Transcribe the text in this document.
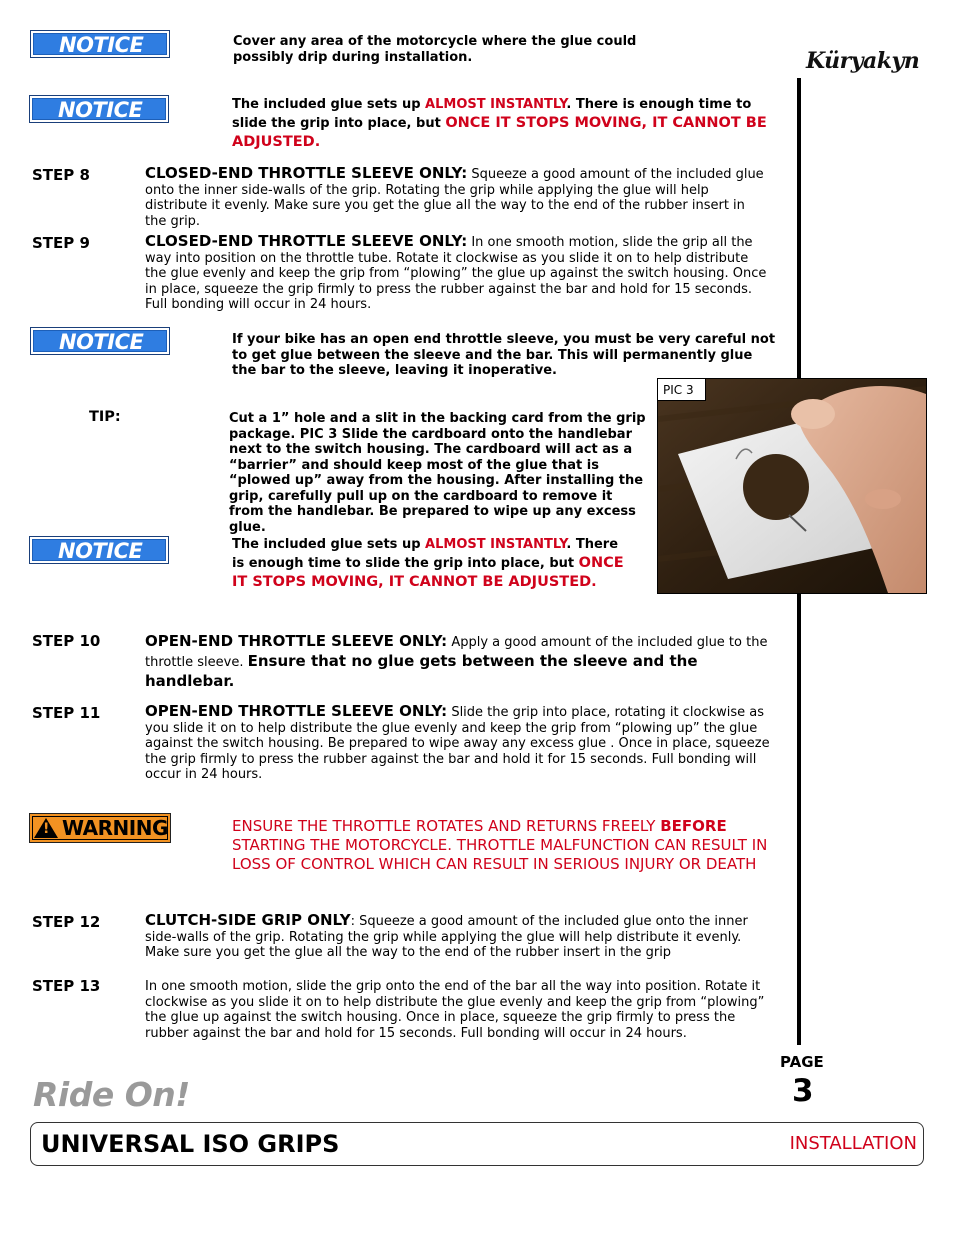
NOTICE	Cover any area of the motorcycle where the glue could possibly drip during installation.	Küryakyn
NOTICE	The included glue sets up ALMOST INSTANTLY. There is enough time to slide the grip into place, but ONCE IT STOPS MOVING, IT CANNOT BE ADJUSTED.
STEP 8	CLOSED-END THROTTLE SLEEVE ONLY: Squeeze a good amount of the included glue onto the inner side-walls of the grip. Rotating the grip while applying the glue will help distribute it evenly. Make sure you get the glue all the way to the end of the rubber insert in the grip.
STEP 9	CLOSED-END THROTTLE SLEEVE ONLY: In one smooth motion, slide the grip all the way into position on the throttle tube. Rotate it clockwise as you slide it on to help distribute the glue evenly and keep the grip from “plowing” the glue up against the switch housing. Once in place, squeeze the grip firmly to press the rubber against the bar and hold for 15 seconds. Full bonding will occur in 24 hours.
NOTICE	If your bike has an open end throttle sleeve, you must be very careful not to get glue between the sleeve and the bar. This will permanently glue the bar to the sleeve, leaving it inoperative.
TIP:	Cut a 1” hole and a slit in the backing card from the grip package. PIC 3 Slide the cardboard onto the handlebar next to the switch housing. The cardboard will act as a “barrier” and should keep most of the glue that is “plowed up” away from the housing. After installing the grip, carefully pull up on the cardboard to remove it from the handlebar. Be prepared to wipe up any excess glue.
PIC 3
NOTICE	The included glue sets up ALMOST INSTANTLY. There is enough time to slide the grip into place, but ONCE IT STOPS MOVING, IT CANNOT BE ADJUSTED.
STEP 10	OPEN-END THROTTLE SLEEVE ONLY: Apply a good amount of the included glue to the throttle sleeve. Ensure that no glue gets between the sleeve and the handlebar.
STEP 11	OPEN-END THROTTLE SLEEVE ONLY: Slide the grip into place, rotating it clockwise as you slide it on to help distribute the glue evenly and keep the grip from “plowing up” the glue against the switch housing. Be prepared to wipe away any excess glue . Once in place, squeeze the grip firmly to press the rubber against the bar and hold it for 15 seconds. Full bonding will occur in 24 hours.
!
WARNING	ENSURE THE THROTTLE ROTATES AND RETURNS FREELY BEFORE STARTING THE MOTORCYCLE. THROTTLE MALFUNCTION CAN RESULT IN LOSS OF CONTROL WHICH CAN RESULT IN SERIOUS INJURY OR DEATH
STEP 12	CLUTCH-SIDE GRIP ONLY: Squeeze a good amount of the included glue onto the inner side-walls of the grip. Rotating the grip while applying the glue will help distribute it evenly. Make sure you get the glue all the way to the end of the rubber insert in the grip
STEP 13	In one smooth motion, slide the grip onto the end of the bar all the way into position. Rotate it clockwise as you slide it on to help distribute the glue evenly and keep the grip from “plowing” the glue up against the switch housing. Once in place, squeeze the grip firmly to press the rubber against the bar and hold for 15 seconds. Full bonding will occur in 24 hours.
PAGE
3
Ride On!
UNIVERSAL ISO GRIPS	INSTALLATION
